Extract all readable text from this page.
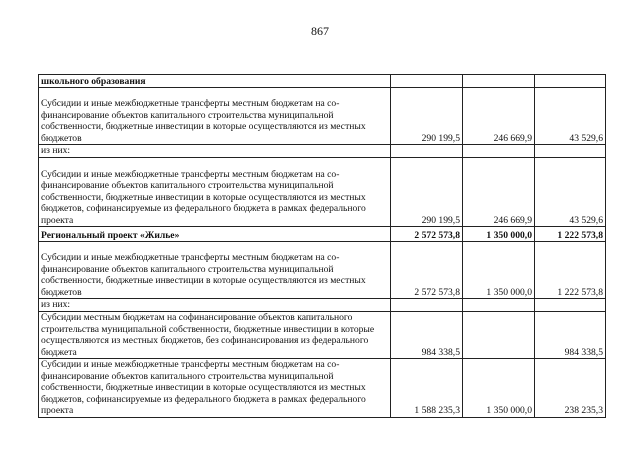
867
школьного образования			
Субсидии и иные межбюджетные трансферты местным бюджетам на софинансирование объектов капитального строительства муниципальной собственности, бюджетные инвестиции в которые осуществляются из местных бюджетов	290 199,5	246 669,9	43 529,6
из них:			
Субсидии и иные межбюджетные трансферты местным бюджетам на софинансирование объектов капитального строительства муниципальной собственности, бюджетные инвестиции в которые осуществляются из местных бюджетов, софинансируемые из федерального бюджета в рамках федерального проекта	290 199,5	246 669,9	43 529,6
Региональный проект «Жилье»	2 572 573,8	1 350 000,0	1 222 573,8
Субсидии и иные межбюджетные трансферты местным бюджетам на софинансирование объектов капитального строительства муниципальной собственности, бюджетные инвестиции в которые осуществляются из местных бюджетов	2 572 573,8	1 350 000,0	1 222 573,8
из них:			
Субсидии местным бюджетам на софинансирование объектов капитального строительства муниципальной собственности, бюджетные инвестиции в которые осуществляются из местных бюджетов, без софинансирования из федерального бюджета	984 338,5		984 338,5
Субсидии и иные межбюджетные трансферты местным бюджетам на софинансирование объектов капитального строительства муниципальной собственности, бюджетные инвестиции в которые осуществляются из местных бюджетов, софинансируемые из федерального бюджета в рамках федерального проекта	1 588 235,3	1 350 000,0	238 235,3
